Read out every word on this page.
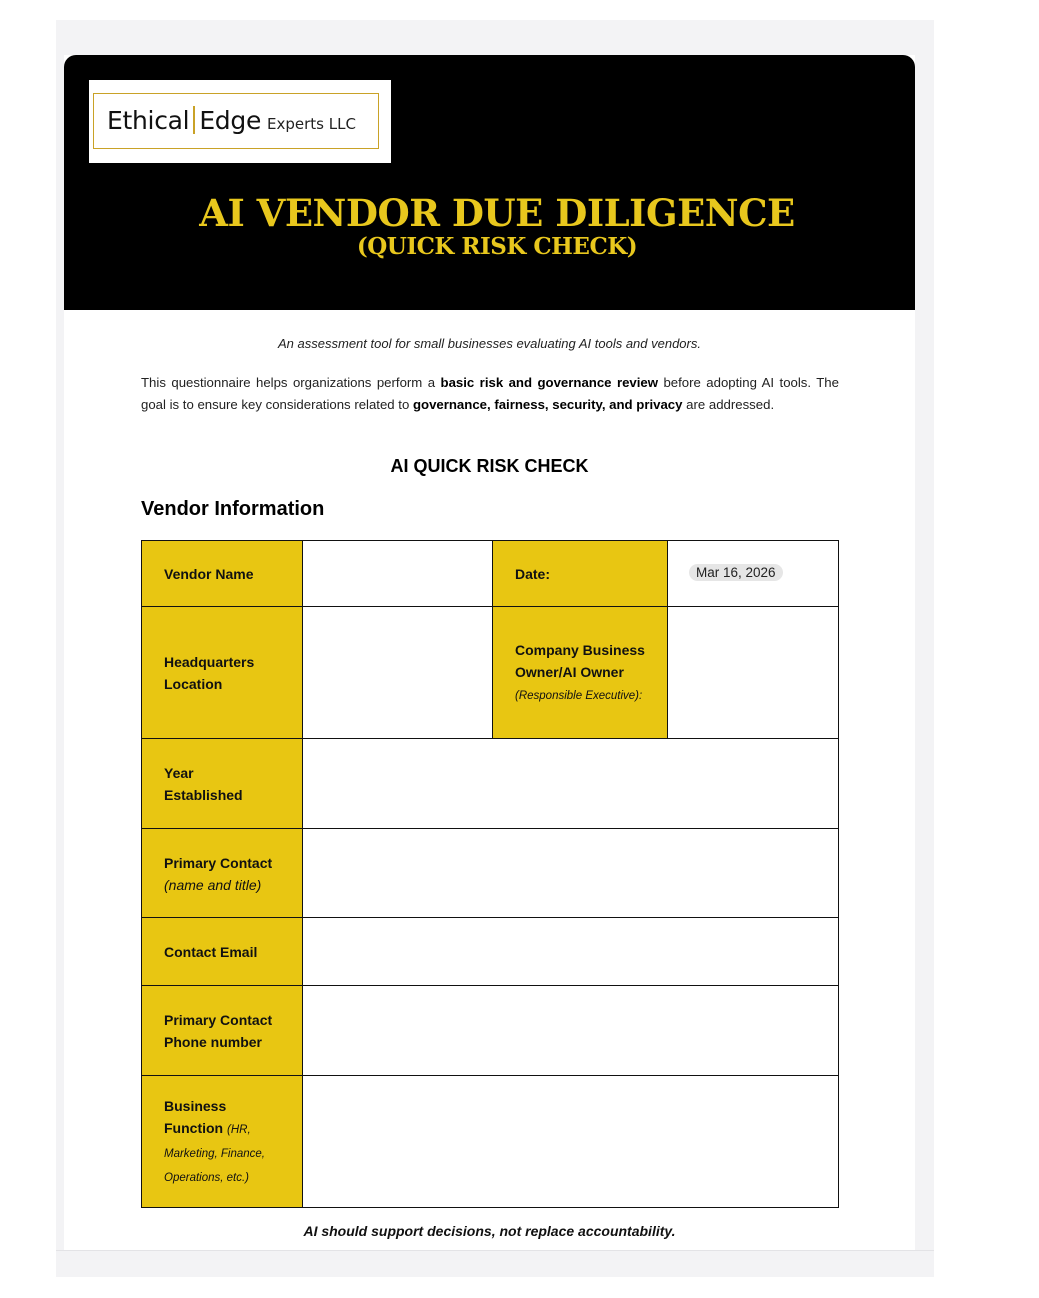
Ethical Edge Experts LLC
AI VENDOR DUE DILIGENCE
(QUICK RISK CHECK)
An assessment tool for small businesses evaluating AI tools and vendors.
This questionnaire helps organizations perform a basic risk and governance review before adopting AI tools. The goal is to ensure key considerations related to governance, fairness, security, and privacy are addressed.
AI QUICK RISK CHECK
Vendor Information
Vendor Name	Date:	Mar 16, 2026
Headquarters Location
Company Business Owner/AI Owner (Responsible Executive):
Year Established
Primary Contact
(name and title)
Contact Email
Primary Contact Phone number
Business Function (HR, Marketing, Finance, Operations, etc.)
AI should support decisions, not replace accountability.
